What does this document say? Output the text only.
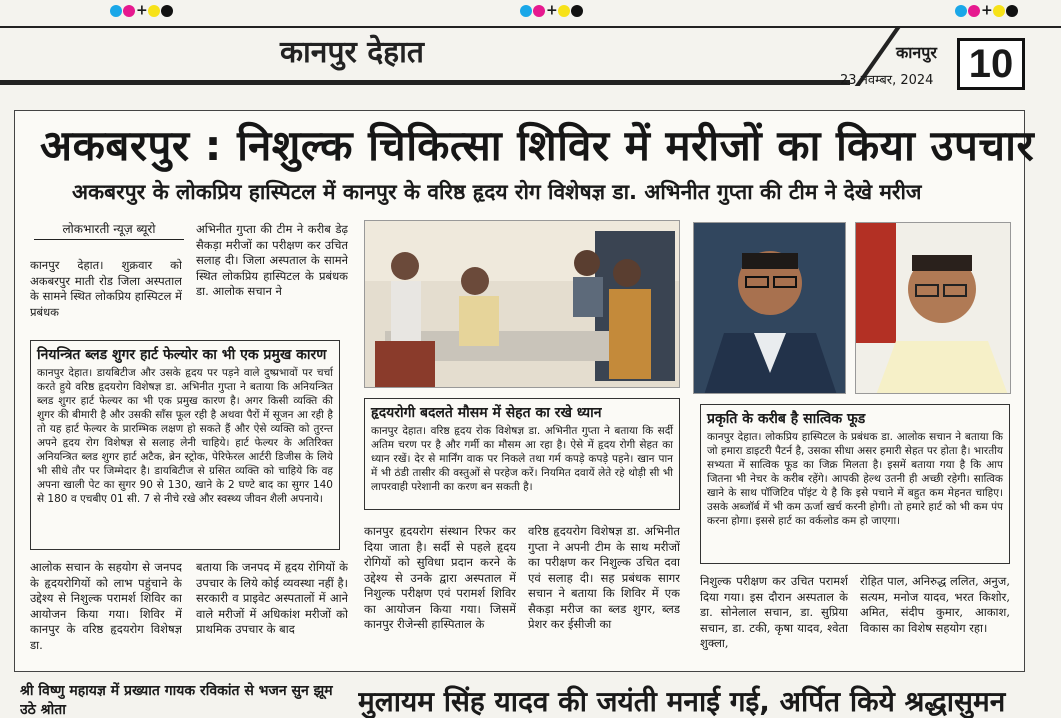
+	+	+
कानपुर देहात	कानपुर
23 नवम्बर, 2024 10
अकबरपुर : निशुल्क चिकित्सा शिविर में मरीजों का किया उपचार
अकबरपुर के लोकप्रिय हास्पिटल में कानपुर के वरिष्ठ हृदय रोग विशेषज्ञ डा. अभिनीत गुप्ता की टीम ने देखे मरीज
लोकभारती न्यूज़ ब्यूरो
कानपुर देहात। शुक्रवार को अकबरपुर माती रोड जिला अस्पताल के सामने स्थित लोकप्रिय हास्पिटल में प्रबंधक
अभिनीत गुप्ता की टीम ने करीब डेढ़ सैकड़ा मरीजों का परीक्षण कर उचित सलाह दी। जिला अस्पताल के सामने स्थित लोकप्रिय हास्पिटल के प्रबंधक डा. आलोक सचान ने
नियन्त्रित ब्लड शुगर हार्ट फेल्योर का भी एक प्रमुख कारण

कानपुर देहात। डायबिटीज और उसके हृदय पर पड़ने वाले दुष्प्रभावों पर चर्चा करते हुये वरिष्ठ हृदयरोग विशेषज्ञ डा. अभिनीत गुप्ता ने बताया कि अनियन्त्रित ब्लड शुगर हार्ट फेल्यर का भी एक प्रमुख कारण है। अगर किसी व्यक्ति की शुगर की बीमारी है और उसकी साँस फूल रही है अथवा पैरों में सूजन आ रही है तो यह हार्ट फेल्यर के प्रारम्भिक लक्षण हो सकते हैं और ऐसे व्यक्ति को तुरन्त अपने हृदय रोग विशेषज्ञ से सलाह लेनी चाहिये। हार्ट फेल्यर के अतिरिक्त अनियन्त्रित ब्लड शुगर हार्ट अटैक, ब्रेन स्ट्रोक, पेरिफेरल आर्टरी डिजीस के लिये भी सीधे तौर पर जिम्मेदार है। डायबिटीज से ग्रसित व्यक्ति को चाहिये कि वह अपना खाली पेट का सुगर 90 से 130, खाने के 2 घण्टे बाद का सुगर 140 से 180 व एचबीए 01 सी. 7 से नीचे रखे और स्वस्थ्य जीवन शैली अपनाये।

हृदयरोगी बदलते मौसम में सेहत का रखे ध्यान

कानपुर देहात। वरिष्ठ हृदय रोक विशेषज्ञ डा. अभिनीत गुप्ता ने बताया कि सर्दी अतिम चरण पर है और गर्मी का मौसम आ रहा है। ऐसे में हृदय रोगी सेहत का ध्यान रखें। देर से मार्निंग वाक पर निकले तथा गर्म कपड़े कपड़े पहने। खान पान में भी ठंडी तासीर की वस्तुओं से परहेज करें। नियमित दवायें लेते रहे थोड़ी सी भी लापरवाही परेशानी का करण बन सकती है।

प्रकृति के करीब है सात्विक फूड

कानपुर देहात। लोकप्रिय हास्पिटल के प्रबंधक डा. आलोक सचान ने बताया कि जो हमारा डाइटरी पैटर्न है, उसका सीधा असर हमारी सेहत पर होता है। भारतीय सभ्यता में सात्विक फूड का जिक्र मिलता है। इसमें बताया गया है कि आप जितना भी नेचर के करीब रहेंगे। आपकी हेल्थ उतनी ही अच्छी रहेगी। सात्विक खाने के साथ पॉजिटिव पॉइंट ये है कि इसे पचाने में बहुत कम मेहनत चाहिए। उसके अब्जॉर्ब में भी कम ऊर्जा खर्च करनी होगी। तो हमारे हार्ट को भी कम पंप करना होगा। इससे हार्ट का वर्कलोड कम हो जाएगा।

आलोक सचान के सहयोग से जनपद के हृदयरोगियों को लाभ पहुंचाने के उद्देश्य से निशुल्क परामर्श शिविर का आयोजन किया गया। शिविर में कानपुर के वरिष्ठ हृदयरोग विशेषज्ञ डा.
बताया कि जनपद में हृदय रोगियों के उपचार के लिये कोई व्यवस्था नहीं है। सरकारी व प्राइवेट अस्पतालों में आने वाले मरीजों में अधिकांश मरीजों को प्राथमिक उपचार के बाद
कानपुर हृदयरोग संस्थान रिफर कर दिया जाता है। सर्दी से पहले हृदय रोगियों को सुविधा प्रदान करने के उद्देश्य से उनके द्वारा अस्पताल में निशुल्क परीक्षण एवं परामर्श शिविर का आयोजन किया गया। जिसमें कानपुर रीजेन्सी हास्पिताल के
वरिष्ठ हृदयरोग विशेषज्ञ डा. अभिनीत गुप्ता ने अपनी टीम के साथ मरीजों का परीक्षण कर निशुल्क उचित दवा एवं सलाह दी। सह प्रबंधक सागर सचान ने बताया कि शिविर में एक सैकड़ा मरीज का ब्लड शुगर, ब्लड प्रेशर कर ईसीजी का
निशुल्क परीक्षण कर उचित परामर्श दिया गया। इस दौरान अस्पताल के डा. सोनेलाल सचान, डा. सुप्रिया सचान, डा. टकी, कृषा यादव, श्वेता शुक्ला,
रोहित पाल, अनिरुद्ध ललित, अनुज, सत्यम, मनोज यादव, भरत किशोर, अमित, संदीप कुमार, आकाश, विकास का विशेष सहयोग रहा।
श्री विष्णु महायज्ञ में प्रख्यात गायक रविकांत से भजन सुन झूम उठे श्रोता	मुलायम सिंह यादव की जयंती मनाई गई, अर्पित किये श्रद्धासुमन
